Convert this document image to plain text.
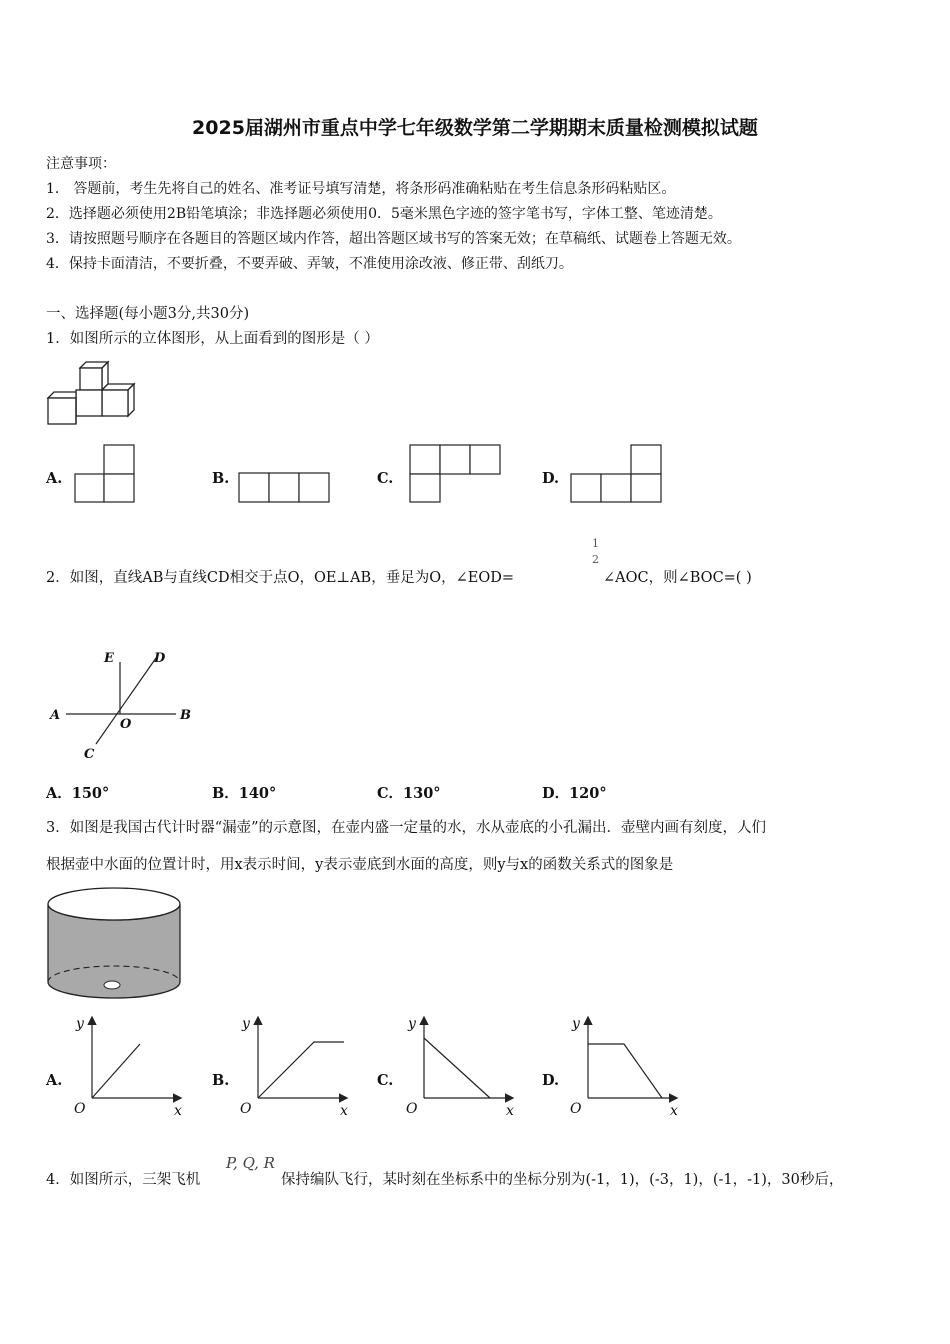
2025届湖州市重点中学七年级数学第二学期期末质量检测模拟试题
注意事项：
1． 答题前，考生先将自己的姓名、准考证号填写清楚，将条形码准确粘贴在考生信息条形码粘贴区。
2．选择题必须使用2B铅笔填涂；非选择题必须使用0．5毫米黑色字迹的签字笔书写，字体工整、笔迹清楚。
3．请按照题号顺序在各题目的答题区域内作答，超出答题区域书写的答案无效；在草稿纸、试题卷上答题无效。
4．保持卡面清洁，不要折叠，不要弄破、弄皱，不准使用涂改液、修正带、刮纸刀。
一、选择题(每小题3分,共30分)
1．如图所示的立体图形，从上面看到的图形是（ ）
A.	B.	C.	D.
2．如图，直线AB与直线CD相交于点O，OE⊥AB，垂足为O，∠EOD=
1
2
∠AOC，则∠BOC=( )
E	D
A	B
O
C
A．150°	B．140°	C．130°	D．120°
3．如图是我国古代计时器“漏壶”的示意图，在壶内盛一定量的水，水从壶底的小孔漏出．壶壁内画有刻度，人们
根据壶中水面的位置计时，用x表示时间，y表示壶底到水面的高度，则y与x的函数关系式的图象是
A.	B.	C.	D.
y
x
O
y
x
O
y
x
O
y
x
O
4．如图所示，三架飞机
P, Q, R
保持编队飞行，某时刻在坐标系中的坐标分别为(-1，1)，(-3，1)，(-1，-1)，30秒后，
